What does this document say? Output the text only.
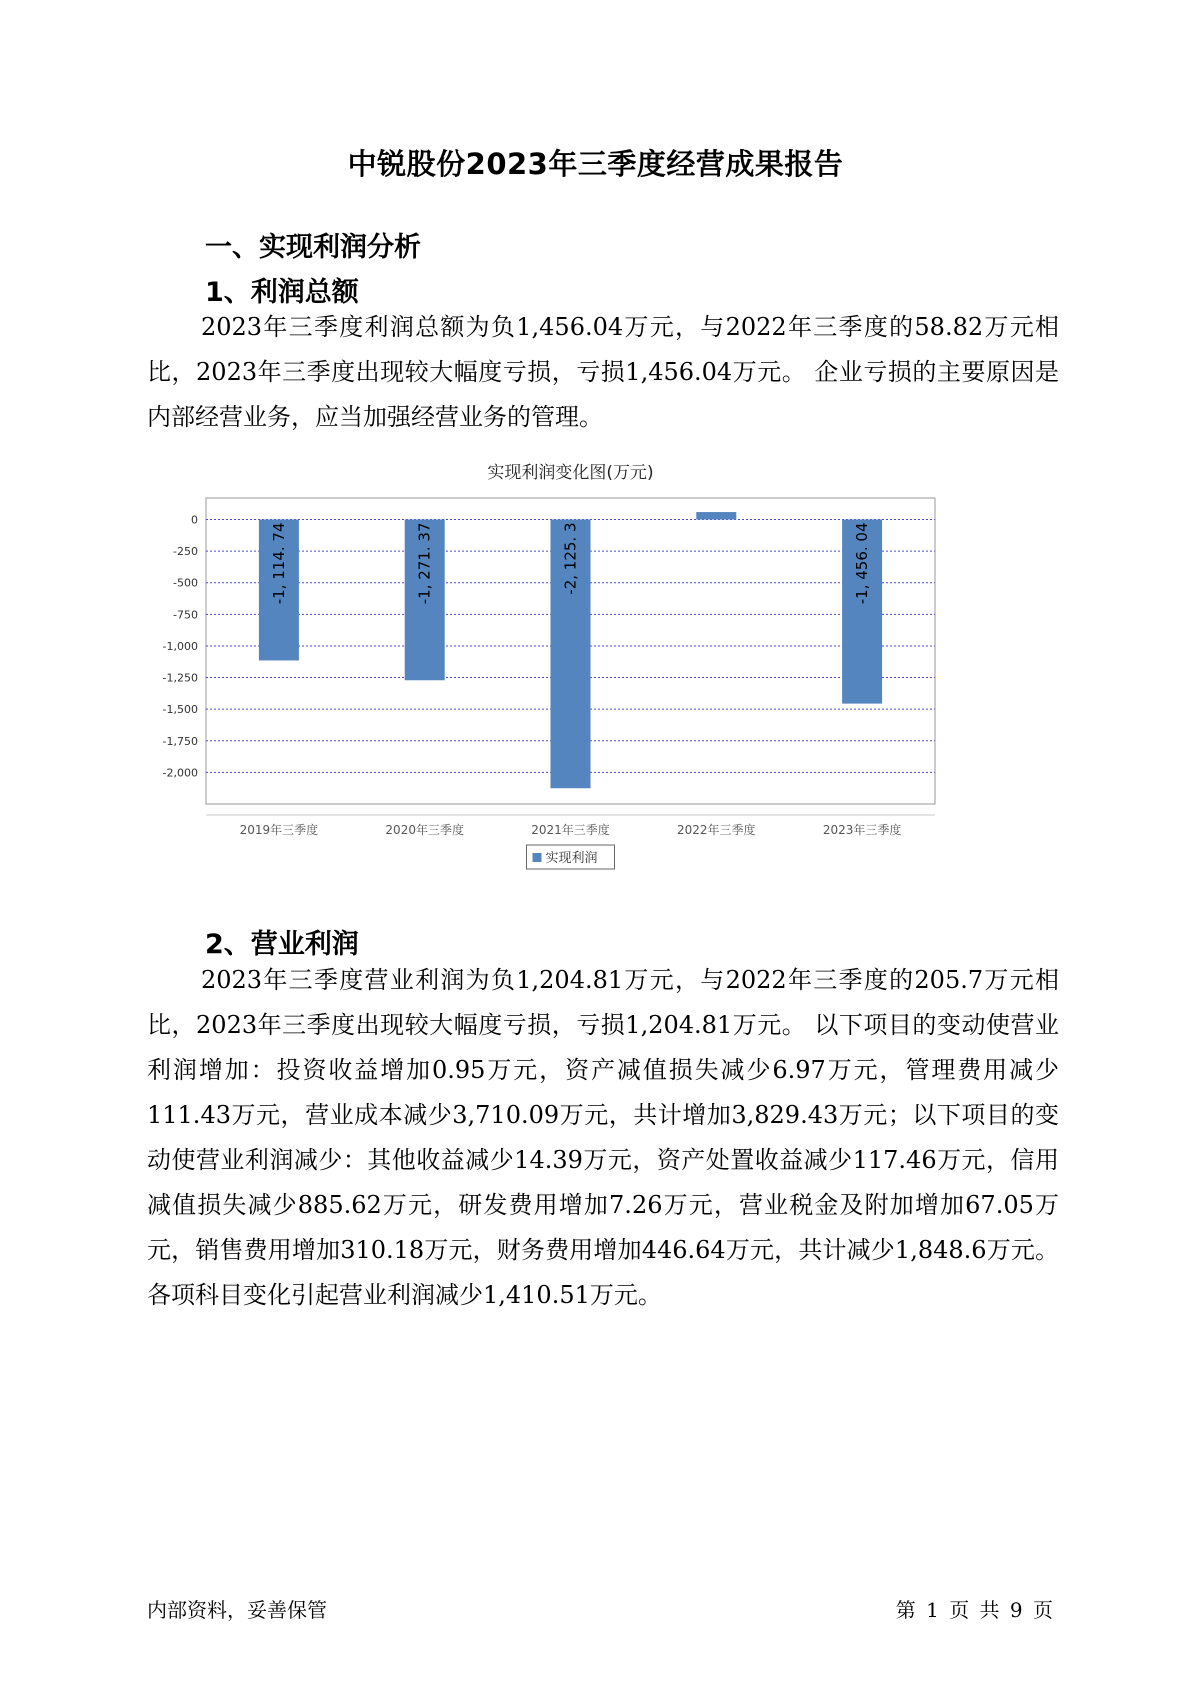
中锐股份2023年三季度经营成果报告
一、实现利润分析
1、利润总额
2023年三季度利润总额为负1,456.04万元，与2022年三季度的58.82万元相比，2023年三季度出现较大幅度亏损，亏损1,456.04万元。 企业亏损的主要原因是内部经营业务，应当加强经营业务的管理。
实现利润变化图(万元)
0
-250
-500
-750
-1,000
-1,250
-1,500
-1,750
-2,000
-1, 114. 74	-1, 271. 37	-2, 125. 3	-1, 456. 04
2019年三季度	2020年三季度	2021年三季度	2022年三季度	2023年三季度
实现利润
2、营业利润
2023年三季度营业利润为负1,204.81万元，与2022年三季度的205.7万元相比，2023年三季度出现较大幅度亏损，亏损1,204.81万元。 以下项目的变动使营业利润增加：投资收益增加0.95万元，资产减值损失减少6.97万元，管理费用减少111.43万元，营业成本减少3,710.09万元，共计增加3,829.43万元；以下项目的变动使营业利润减少：其他收益减少14.39万元，资产处置收益减少117.46万元，信用减值损失减少885.62万元，研发费用增加7.26万元，营业税金及附加增加67.05万元，销售费用增加310.18万元，财务费用增加446.64万元，共计减少1,848.6万元。各项科目变化引起营业利润减少1,410.51万元。
内部资料，妥善保管	第 1 页 共 9 页
